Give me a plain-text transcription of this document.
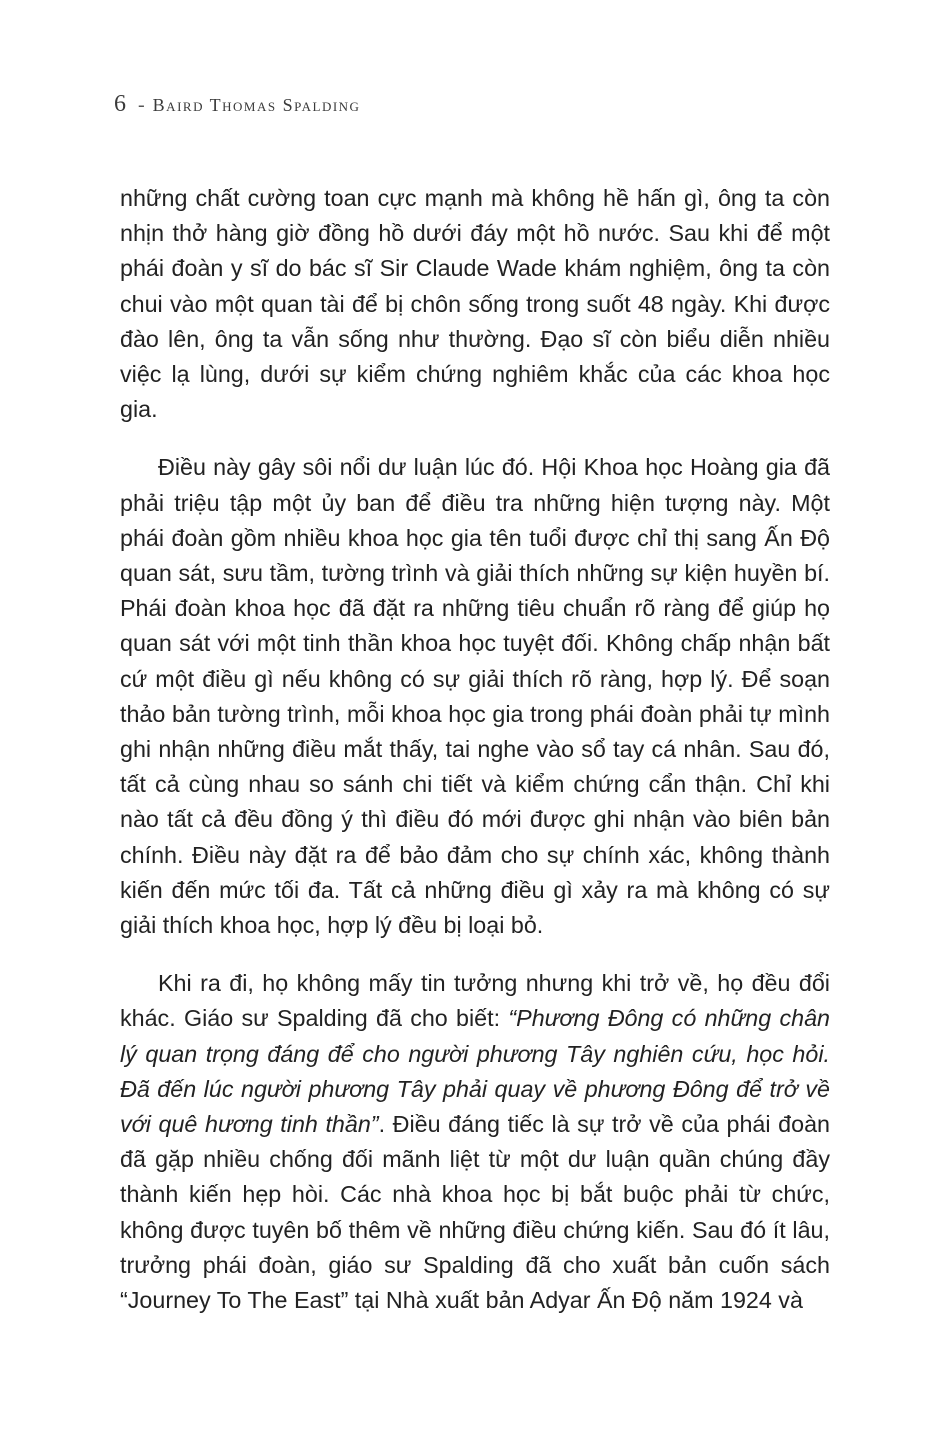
6 - Baird Thomas Spalding

những chất cường toan cực mạnh mà không hề hấn gì, ông ta còn nhịn thở hàng giờ đồng hồ dưới đáy một hồ nước. Sau khi để một phái đoàn y sĩ do bác sĩ Sir Claude Wade khám nghiệm, ông ta còn chui vào một quan tài để bị chôn sống trong suốt 48 ngày. Khi được đào lên, ông ta vẫn sống như thường. Đạo sĩ còn biểu diễn nhiều việc lạ lùng, dưới sự kiểm chứng nghiêm khắc của các khoa học gia.

Điều này gây sôi nổi dư luận lúc đó. Hội Khoa học Hoàng gia đã phải triệu tập một ủy ban để điều tra những hiện tượng này. Một phái đoàn gồm nhiều khoa học gia tên tuổi được chỉ thị sang Ấn Độ quan sát, sưu tầm, tường trình và giải thích những sự kiện huyền bí. Phái đoàn khoa học đã đặt ra những tiêu chuẩn rõ ràng để giúp họ quan sát với một tinh thần khoa học tuyệt đối. Không chấp nhận bất cứ một điều gì nếu không có sự giải thích rõ ràng, hợp lý. Để soạn thảo bản tường trình, mỗi khoa học gia trong phái đoàn phải tự mình ghi nhận những điều mắt thấy, tai nghe vào sổ tay cá nhân. Sau đó, tất cả cùng nhau so sánh chi tiết và kiểm chứng cẩn thận. Chỉ khi nào tất cả đều đồng ý thì điều đó mới được ghi nhận vào biên bản chính. Điều này đặt ra để bảo đảm cho sự chính xác, không thành kiến đến mức tối đa. Tất cả những điều gì xảy ra mà không có sự giải thích khoa học, hợp lý đều bị loại bỏ.

Khi ra đi, họ không mấy tin tưởng nhưng khi trở về, họ đều đổi khác. Giáo sư Spalding đã cho biết: “Phương Đông có những chân lý quan trọng đáng để cho người phương Tây nghiên cứu, học hỏi. Đã đến lúc người phương Tây phải quay về phương Đông để trở về với quê hương tinh thần”. Điều đáng tiếc là sự trở về của phái đoàn đã gặp nhiều chống đối mãnh liệt từ một dư luận quần chúng đầy thành kiến hẹp hòi. Các nhà khoa học bị bắt buộc phải từ chức, không được tuyên bố thêm về những điều chứng kiến. Sau đó ít lâu, trưởng phái đoàn, giáo sư Spalding đã cho xuất bản cuốn sách “Journey To The East” tại Nhà xuất bản Adyar Ấn Độ năm 1924 và
